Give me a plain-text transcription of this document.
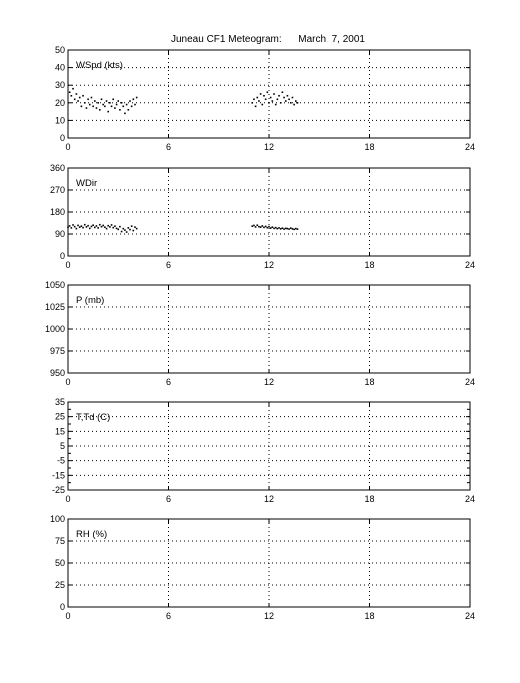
Juneau CF1 Meteogram:      March  7, 2001
0	6	12	18	24
0
10
20
30
40
50
WSpd (kts)
0	6	12	18	24
0
90
180
270
360
WDir
0	6	12	18	24
950
975
1000
1025
1050
P (mb)
0	6	12	18	24
-25
-15
-5
5
15
25
35
T,Td (C)
0	6	12	18	24
0
25
50
75
100
RH (%)
